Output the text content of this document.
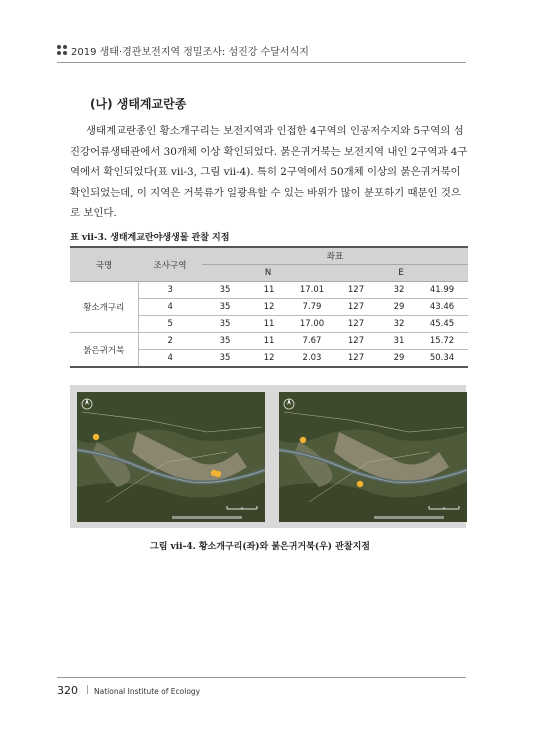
2019 생태·경관보전지역 정밀조사: 섬진강 수달서식지
(나) 생태계교란종
생태계교란종인 황소개구리는 보전지역과 인접한 4구역의 인공저수지와 5구역의 섬
진강어류생태관에서 30개체 이상 확인되었다. 붉은귀거북는 보전지역 내인 2구역과 4구
역에서 확인되었다(표 ⅶ-3, 그림 ⅶ-4). 특히 2구역에서 50개체 이상의 붉은귀거북이
확인되었는데, 이 지역은 거북류가 일광욕할 수 있는 바위가 많이 분포하기 때문인 것으
로 보인다.
표 ⅶ-3. 생태계교란야생생물 관찰 지점
국명	조사구역	좌표					
		N			E		
황소개구리	3	35	11	17.01	127	32	41.99
	4	35	12	7.79	127	29	43.46
	5	35	11	17.00	127	32	45.45
붉은귀거북	2	35	11	7.67	127	31	15.72
	4	35	12	2.03	127	29	50.34
그림 ⅶ-4. 황소개구리(좌)와 붉은귀거북(우) 관찰지점
320 | National Institute of Ecology
